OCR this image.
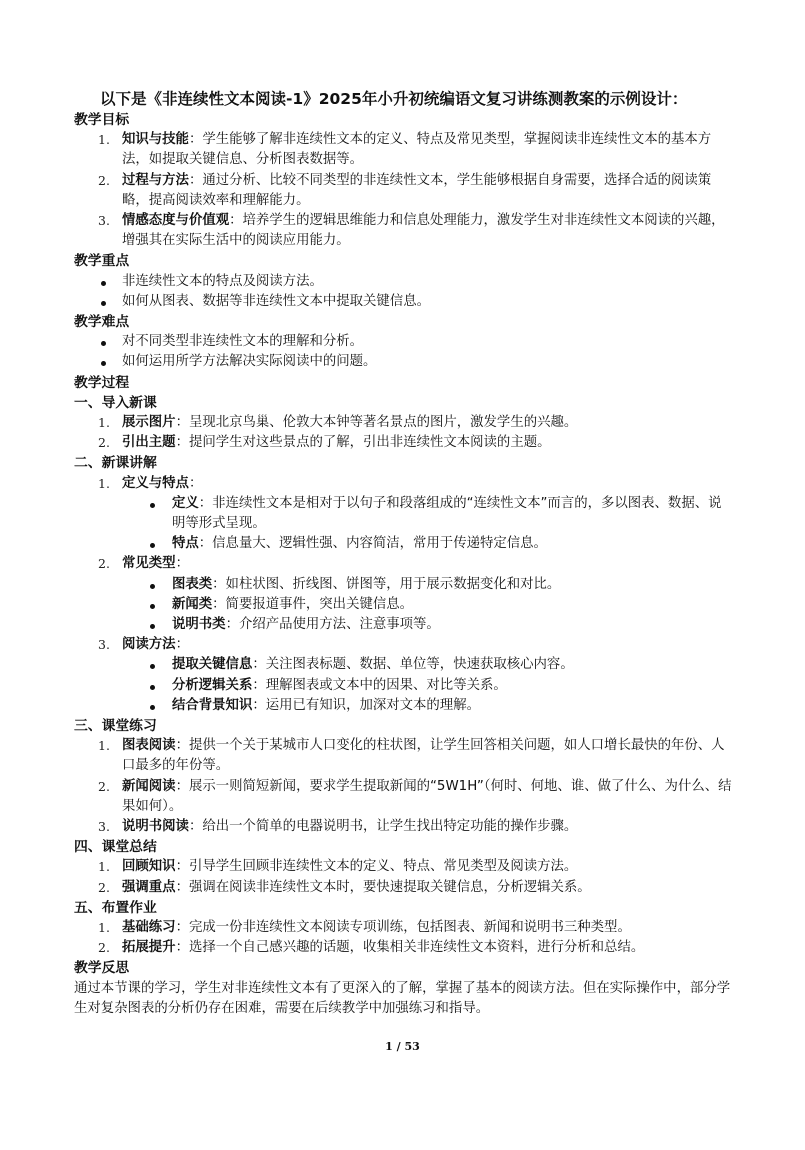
以下是《非连续性文本阅读-1》2025年小升初统编语文复习讲练测教案的示例设计：
教学目标
1. 知识与技能：学生能够了解非连续性文本的定义、特点及常见类型，掌握阅读非连续性文本的基本方法，如提取关键信息、分析图表数据等。
2. 过程与方法：通过分析、比较不同类型的非连续性文本，学生能够根据自身需要，选择合适的阅读策略，提高阅读效率和理解能力。
3. 情感态度与价值观：培养学生的逻辑思维能力和信息处理能力，激发学生对非连续性文本阅读的兴趣，增强其在实际生活中的阅读应用能力。
教学重点
非连续性文本的特点及阅读方法。
如何从图表、数据等非连续性文本中提取关键信息。
教学难点
对不同类型非连续性文本的理解和分析。
如何运用所学方法解决实际阅读中的问题。
教学过程
一、导入新课
1. 展示图片：呈现北京鸟巢、伦敦大本钟等著名景点的图片，激发学生的兴趣。
2. 引出主题：提问学生对这些景点的了解，引出非连续性文本阅读的主题。
二、新课讲解
1. 定义与特点：
定义：非连续性文本是相对于以句子和段落组成的“连续性文本”而言的，多以图表、数据、说明等形式呈现。
特点：信息量大、逻辑性强、内容简洁，常用于传递特定信息。
2. 常见类型：
图表类：如柱状图、折线图、饼图等，用于展示数据变化和对比。
新闻类：简要报道事件，突出关键信息。
说明书类：介绍产品使用方法、注意事项等。
3. 阅读方法：
提取关键信息：关注图表标题、数据、单位等，快速获取核心内容。
分析逻辑关系：理解图表或文本中的因果、对比等关系。
结合背景知识：运用已有知识，加深对文本的理解。
三、课堂练习
1. 图表阅读：提供一个关于某城市人口变化的柱状图，让学生回答相关问题，如人口增长最快的年份、人口最多的年份等。
2. 新闻阅读：展示一则简短新闻，要求学生提取新闻的“5W1H”（何时、何地、谁、做了什么、为什么、结果如何）。
3. 说明书阅读：给出一个简单的电器说明书，让学生找出特定功能的操作步骤。
四、课堂总结
1. 回顾知识：引导学生回顾非连续性文本的定义、特点、常见类型及阅读方法。
2. 强调重点：强调在阅读非连续性文本时，要快速提取关键信息，分析逻辑关系。
五、布置作业
1. 基础练习：完成一份非连续性文本阅读专项训练，包括图表、新闻和说明书三种类型。
2. 拓展提升：选择一个自己感兴趣的话题，收集相关非连续性文本资料，进行分析和总结。
教学反思
通过本节课的学习，学生对非连续性文本有了更深入的了解，掌握了基本的阅读方法。但在实际操作中，部分学生对复杂图表的分析仍存在困难，需要在后续教学中加强练习和指导。
1 / 53
